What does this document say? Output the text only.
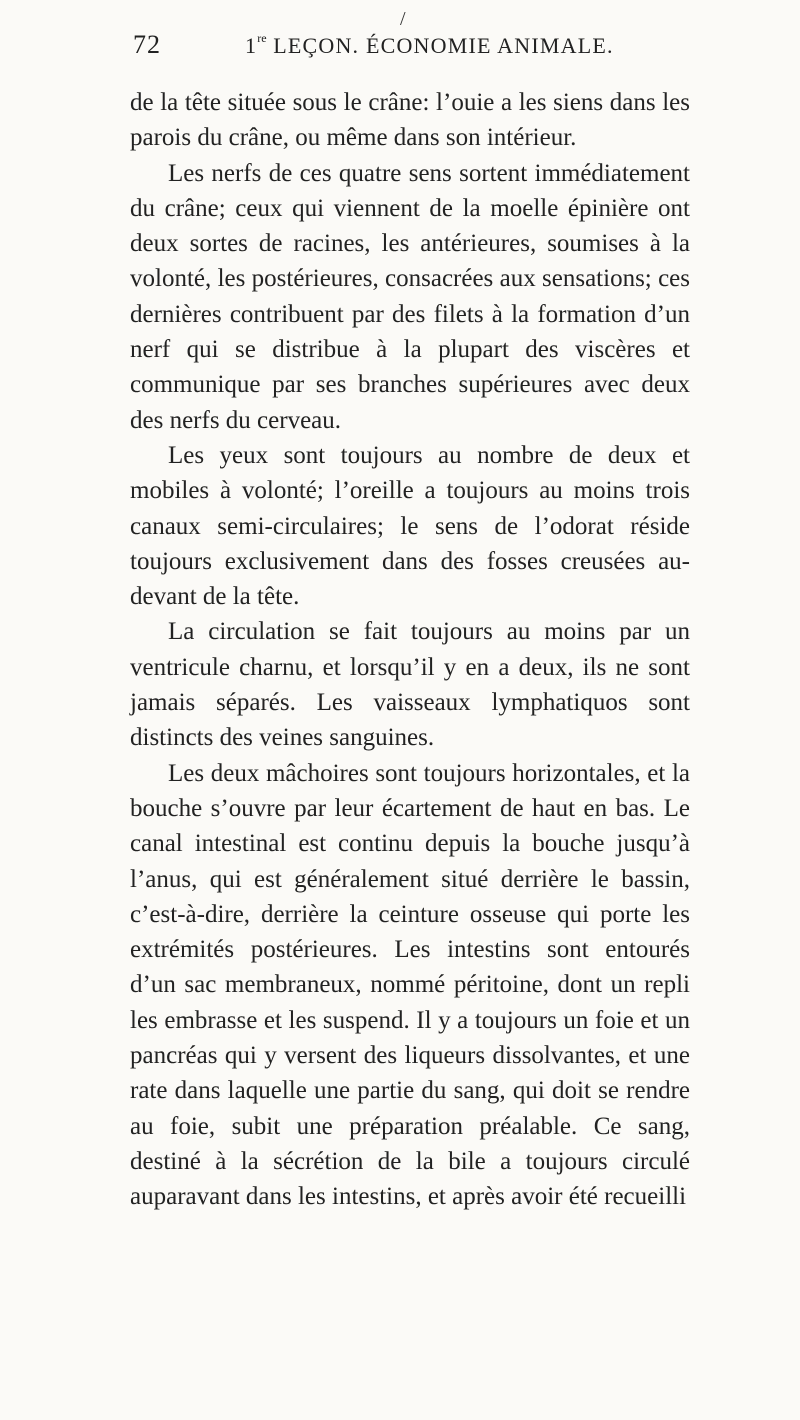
/
72	1re LEÇON. ÉCONOMIE ANIMALE.

de la tête située sous le crâne: l’ouie a les siens dans les parois du crâne, ou même dans son intérieur.

Les nerfs de ces quatre sens sortent immédiatement du crâne; ceux qui viennent de la moelle épinière ont deux sortes de racines, les antérieures, soumises à la volonté, les postérieures, consacrées aux sensations; ces dernières contribuent par des filets à la formation d’un nerf qui se distribue à la plupart des viscères et communique par ses branches supérieures avec deux des nerfs du cerveau.

Les yeux sont toujours au nombre de deux et mobiles à volonté; l’oreille a toujours au moins trois canaux semi-circulaires; le sens de l’odorat réside toujours exclusivement dans des fosses creusées au-devant de la tête.

La circulation se fait toujours au moins par un ventricule charnu, et lorsqu’il y en a deux, ils ne sont jamais séparés. Les vaisseaux lymphatiquos sont distincts des veines sanguines.

Les deux mâchoires sont toujours horizontales, et la bouche s’ouvre par leur écartement de haut en bas. Le canal intestinal est continu depuis la bouche jusqu’à l’anus, qui est généralement situé derrière le bassin, c’est-à-dire, derrière la ceinture osseuse qui porte les extrémités postérieures. Les intestins sont entourés d’un sac membraneux, nommé péritoine, dont un repli les embrasse et les suspend. Il y a toujours un foie et un pancréas qui y versent des liqueurs dissolvantes, et une rate dans laquelle une partie du sang, qui doit se rendre au foie, subit une préparation préalable. Ce sang, destiné à la sécrétion de la bile a toujours circulé auparavant dans les intestins, et après avoir été recueilli
